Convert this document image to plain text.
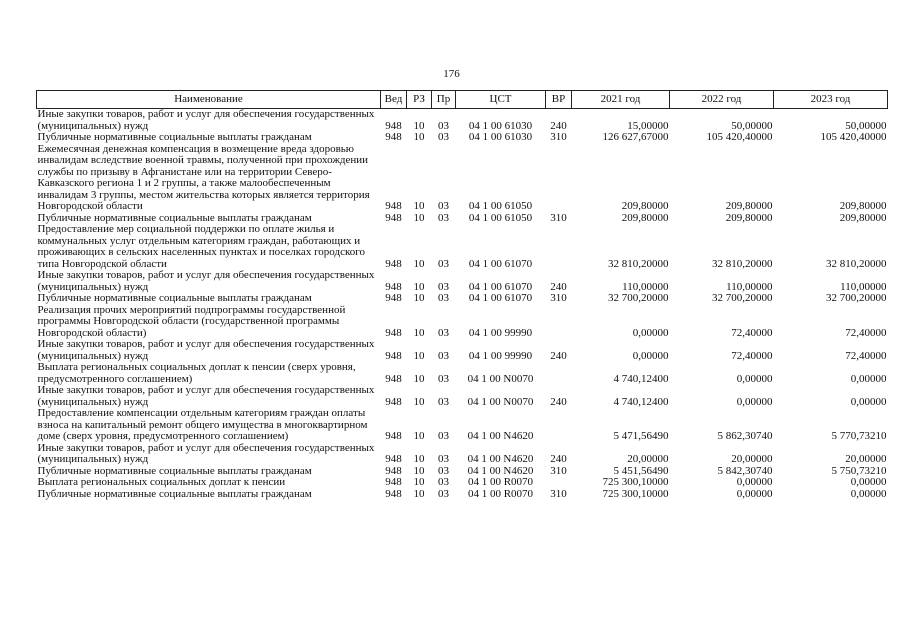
176
Наименование	Вед	РЗ	Пр	ЦСТ	ВР	2021 год	2022 год	2023 год
Иные закупки товаров, работ и услуг для обеспечения государственных (муниципальных) нужд	948	10	03	04 1 00 61030	240	15,00000	50,00000	50,00000
Публичные нормативные социальные выплаты гражданам	948	10	03	04 1 00 61030	310	126 627,67000	105 420,40000	105 420,40000
Ежемесячная денежная компенсация в возмещение вреда здоровью инвалидам вследствие военной травмы, полученной при прохождении службы по призыву в Афганистане или на территории Северо-Кавказского региона 1 и 2 группы, а также малообеспеченным инвалидам 3 группы, местом жительства которых является территория Новгородской области	948	10	03	04 1 00 61050		209,80000	209,80000	209,80000
Публичные нормативные социальные выплаты гражданам	948	10	03	04 1 00 61050	310	209,80000	209,80000	209,80000
Предоставление мер социальной поддержки по оплате жилья и коммунальных услуг отдельным категориям граждан, работающих и проживающих в сельских населенных пунктах и поселках городского типа Новгородской области	948	10	03	04 1 00 61070		32 810,20000	32 810,20000	32 810,20000
Иные закупки товаров, работ и услуг для обеспечения государственных (муниципальных) нужд	948	10	03	04 1 00 61070	240	110,00000	110,00000	110,00000
Публичные нормативные социальные выплаты гражданам	948	10	03	04 1 00 61070	310	32 700,20000	32 700,20000	32 700,20000
Реализация прочих мероприятий подпрограммы государственной программы Новгородской области (государственной программы Новгородской области)	948	10	03	04 1 00 99990		0,00000	72,40000	72,40000
Иные закупки товаров, работ и услуг для обеспечения государственных (муниципальных) нужд	948	10	03	04 1 00 99990	240	0,00000	72,40000	72,40000
Выплата региональных социальных доплат к пенсии (сверх уровня, предусмотренного соглашением)	948	10	03	04 1 00 N0070		4 740,12400	0,00000	0,00000
Иные закупки товаров, работ и услуг для обеспечения государственных (муниципальных) нужд	948	10	03	04 1 00 N0070	240	4 740,12400	0,00000	0,00000
Предоставление компенсации отдельным категориям граждан оплаты взноса на капитальный ремонт общего имущества в многоквартирном доме (сверх уровня, предусмотренного соглашением)	948	10	03	04 1 00 N4620		5 471,56490	5 862,30740	5 770,73210
Иные закупки товаров, работ и услуг для обеспечения государственных (муниципальных) нужд	948	10	03	04 1 00 N4620	240	20,00000	20,00000	20,00000
Публичные нормативные социальные выплаты гражданам	948	10	03	04 1 00 N4620	310	5 451,56490	5 842,30740	5 750,73210
Выплата региональных социальных доплат к пенсии	948	10	03	04 1 00 R0070		725 300,10000	0,00000	0,00000
Публичные нормативные социальные выплаты гражданам	948	10	03	04 1 00 R0070	310	725 300,10000	0,00000	0,00000
